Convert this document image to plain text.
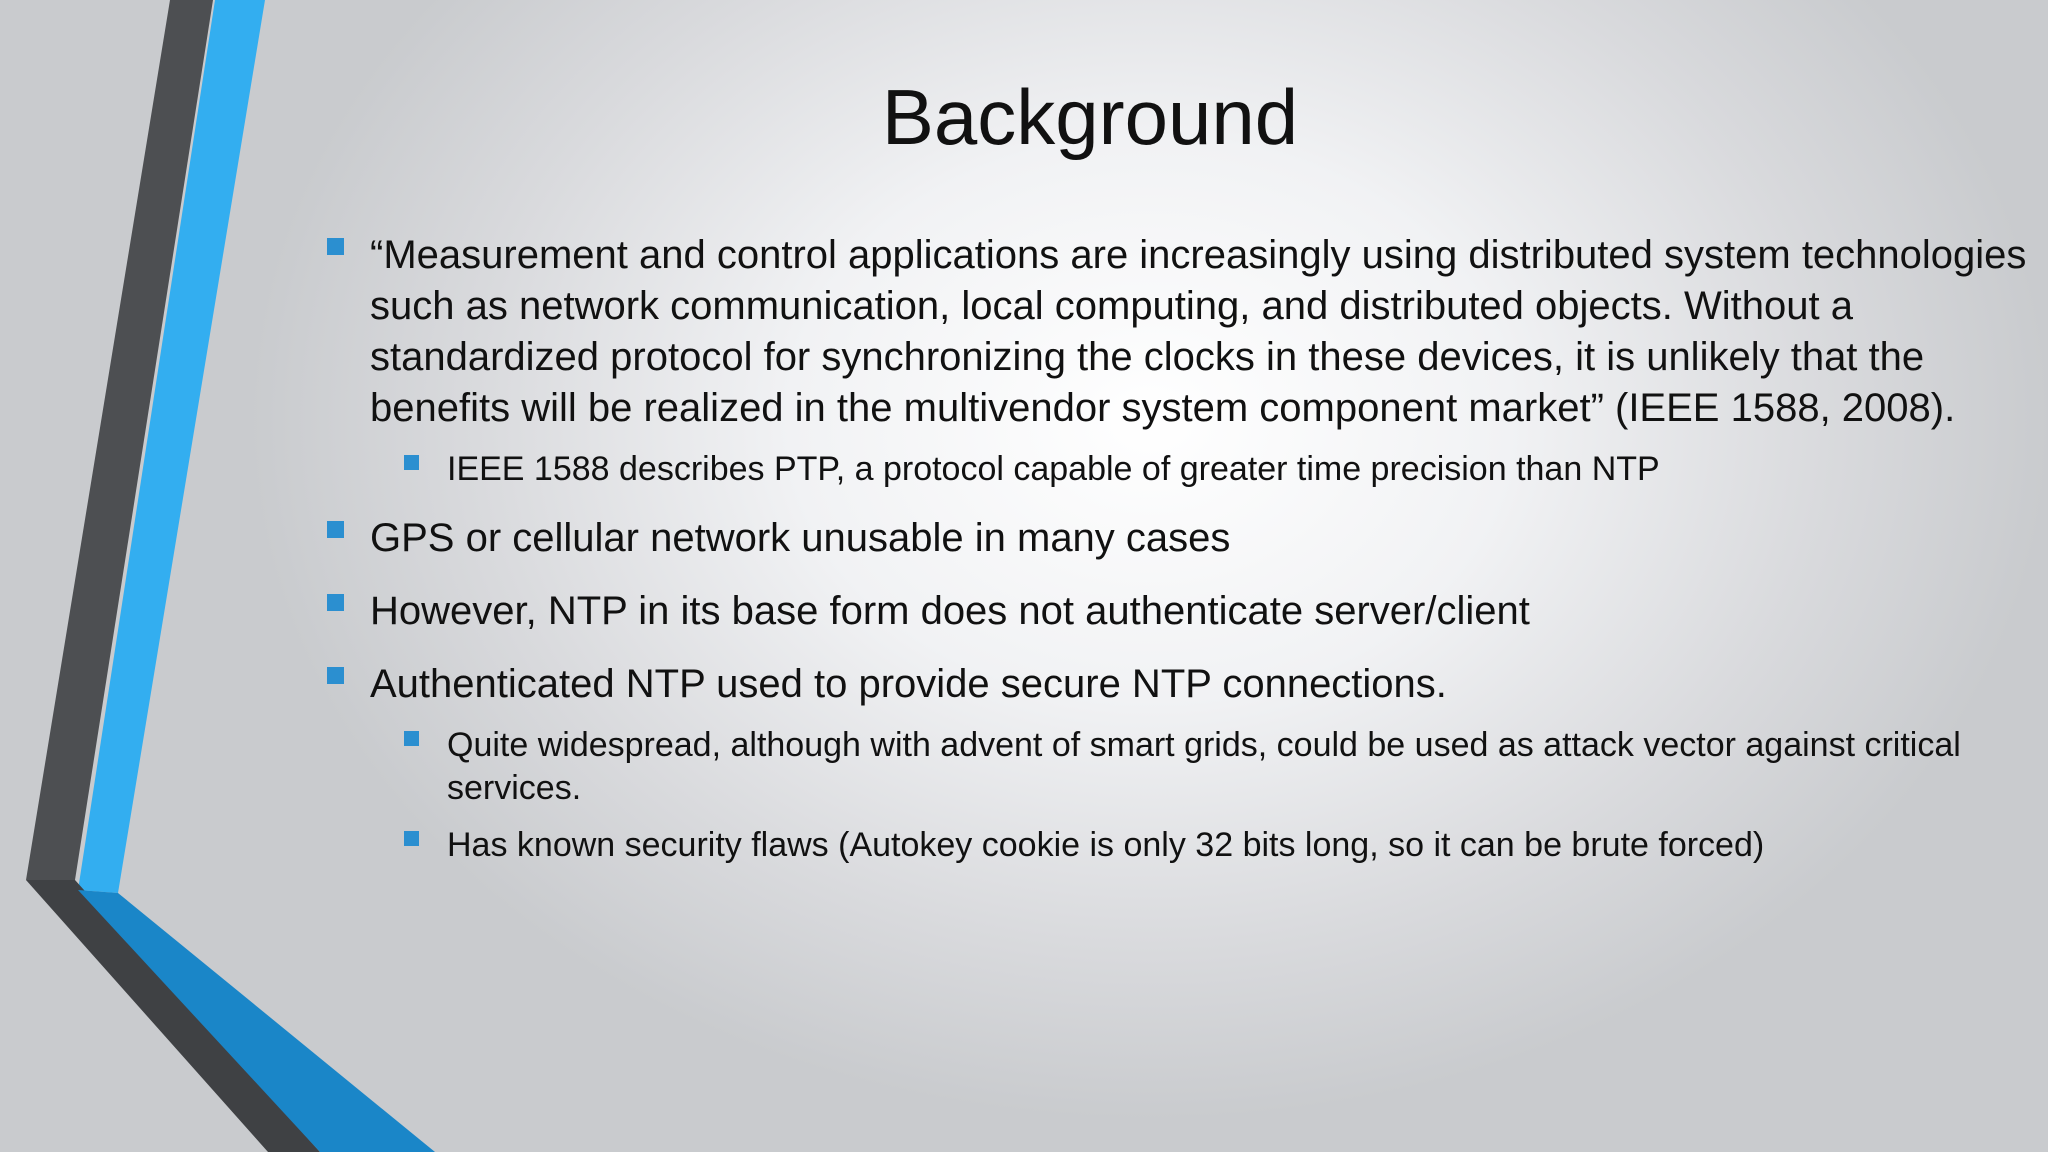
Background
“Measurement and control applications are increasingly using distributed system technologies such as network communication, local computing, and distributed objects. Without a standardized protocol for synchronizing the clocks in these devices, it is unlikely that the benefits will be realized in the multivendor system component market” (IEEE 1588, 2008).
IEEE 1588 describes PTP, a protocol capable of greater time precision than NTP
GPS or cellular network unusable in many cases
However, NTP in its base form does not authenticate server/client
Authenticated NTP used to provide secure NTP connections.
Quite widespread, although with advent of smart grids, could be used as attack vector against critical services.
Has known security flaws (Autokey cookie is only 32 bits long, so it can be brute forced)
